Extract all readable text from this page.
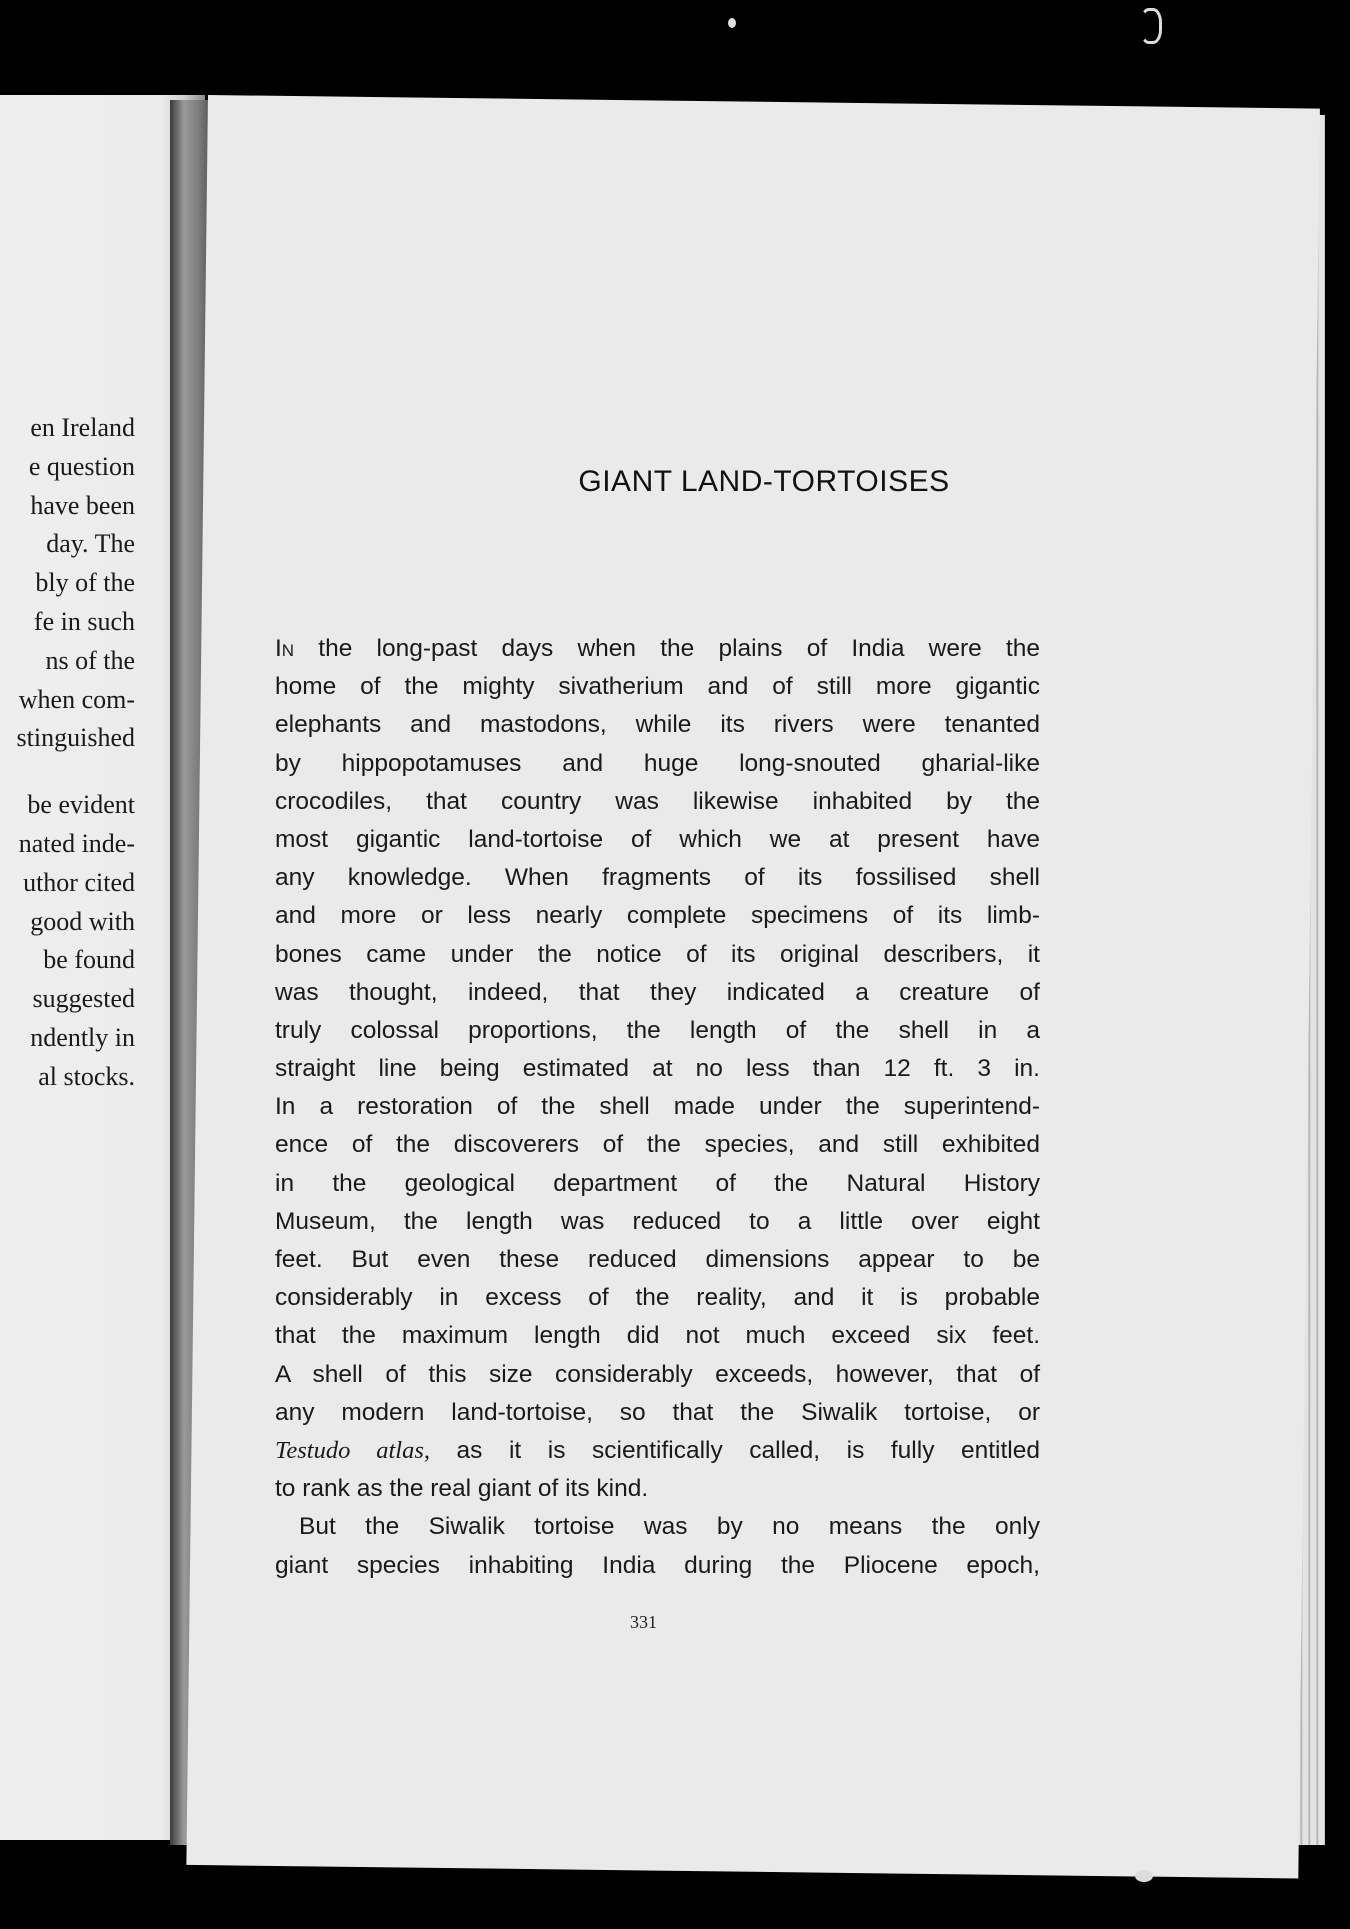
en Ireland
e question
have been
day. The
bly of the
fe in such
ns of the
when com-
stinguished
be evident
nated inde-
uthor cited
good with
be found
suggested
ndently in
al stocks.
GIANT LAND-TORTOISES
In the long-past days when the plains of India were the
home of the mighty sivatherium and of still more gigantic
elephants and mastodons, while its rivers were tenanted
by hippopotamuses and huge long-snouted gharial-like
crocodiles, that country was likewise inhabited by the
most gigantic land-tortoise of which we at present have
any knowledge. When fragments of its fossilised shell
and more or less nearly complete specimens of its limb-
bones came under the notice of its original describers, it
was thought, indeed, that they indicated a creature of
truly colossal proportions, the length of the shell in a
straight line being estimated at no less than 12 ft. 3 in.
In a restoration of the shell made under the superintend-
ence of the discoverers of the species, and still exhibited
in the geological department of the Natural History
Museum, the length was reduced to a little over eight
feet. But even these reduced dimensions appear to be
considerably in excess of the reality, and it is probable
that the maximum length did not much exceed six feet.
A shell of this size considerably exceeds, however, that of
any modern land-tortoise, so that the Siwalik tortoise, or
Testudo atlas, as it is scientifically called, is fully entitled
to rank as the real giant of its kind.
But the Siwalik tortoise was by no means the only
giant species inhabiting India during the Pliocene epoch,
331
